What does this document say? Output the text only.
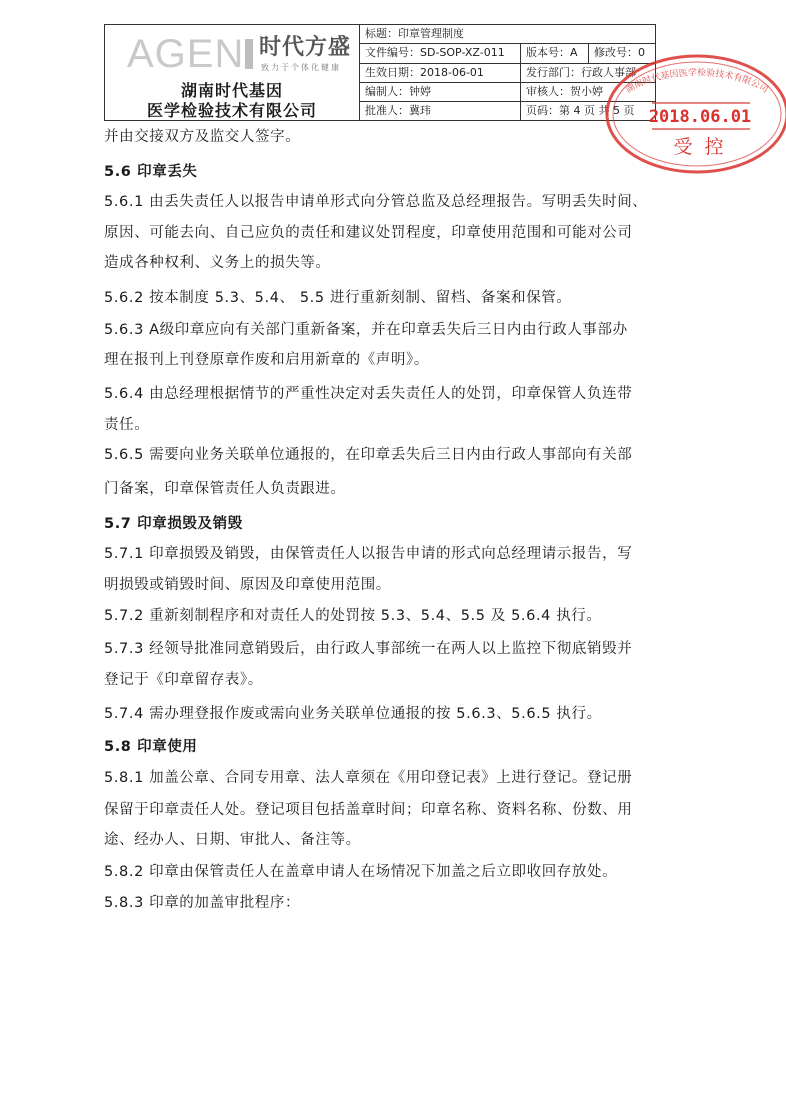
AGEN 时代方盛
致力于个体化健康
湖南时代基因
医学检验技术有限公司
标题：印章管理制度
文件编号：SD-SOP-XZ-011	版本号：A	修改号：0
生效日期：2018-06-01	发行部门：行政人事部
编制人：钟婷	审核人：贺小婷
批准人：冀玮	页码：第 4 页 共 5 页
并由交接双方及监交人签字。
5.6 印章丢失
5.6.1 由丢失责任人以报告申请单形式向分管总监及总经理报告。写明丢失时间、
原因、可能去向、自己应负的责任和建议处罚程度，印章使用范围和可能对公司
造成各种权利、义务上的损失等。
5.6.2 按本制度 5.3、5.4、 5.5 进行重新刻制、留档、备案和保管。
5.6.3 A级印章应向有关部门重新备案，并在印章丢失后三日内由行政人事部办
理在报刊上刊登原章作废和启用新章的《声明》。
5.6.4 由总经理根据情节的严重性决定对丢失责任人的处罚，印章保管人负连带
责任。
5.6.5 需要向业务关联单位通报的，在印章丢失后三日内由行政人事部向有关部
门备案，印章保管责任人负责跟进。
5.7 印章损毁及销毁
5.7.1 印章损毁及销毁，由保管责任人以报告申请的形式向总经理请示报告，写
明损毁或销毁时间、原因及印章使用范围。
5.7.2 重新刻制程序和对责任人的处罚按 5.3、5.4、5.5 及 5.6.4 执行。
5.7.3 经领导批准同意销毁后，由行政人事部统一在两人以上监控下彻底销毁并
登记于《印章留存表》。
5.7.4 需办理登报作废或需向业务关联单位通报的按 5.6.3、5.6.5 执行。
5.8 印章使用
5.8.1 加盖公章、合同专用章、法人章须在《用印登记表》上进行登记。登记册
保留于印章责任人处。登记项目包括盖章时间；印章名称、资料名称、份数、用
途、经办人、日期、审批人、备注等。
5.8.2 印章由保管责任人在盖章申请人在场情况下加盖之后立即收回存放处。
5.8.3 印章的加盖审批程序：
湖南时代基因医学检验技术有限公司
2018.06.01
受 控
